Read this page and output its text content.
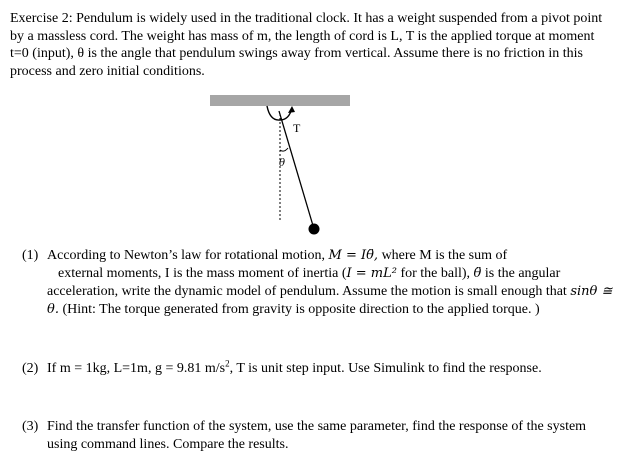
Exercise 2: Pendulum is widely used in the traditional clock. It has a weight suspended from a pivot point by a massless cord. The weight has mass of m, the length of cord is L, T is the applied torque at moment t=0 (input), θ is the angle that pendulum swings away from vertical. Assume there is no friction in this process and zero initial conditions.
T
θ
(1) According to Newton’s law for rotational motion, M = Iθ̈, where M is the sum of
external moments, I is the mass moment of inertia (I = mL² for the ball), θ̈ is the angular
acceleration, write the dynamic model of pendulum. Assume the motion is small enough that sinθ ≅ θ. (Hint: The torque generated from gravity is opposite direction to the applied torque. )
(2) If m = 1kg, L=1m, g = 9.81 $m/s^2$, T is unit step input. Use Simulink to find the response.
(3) Find the transfer function of the system, use the same parameter, find the response of the system using command lines. Compare the results.
